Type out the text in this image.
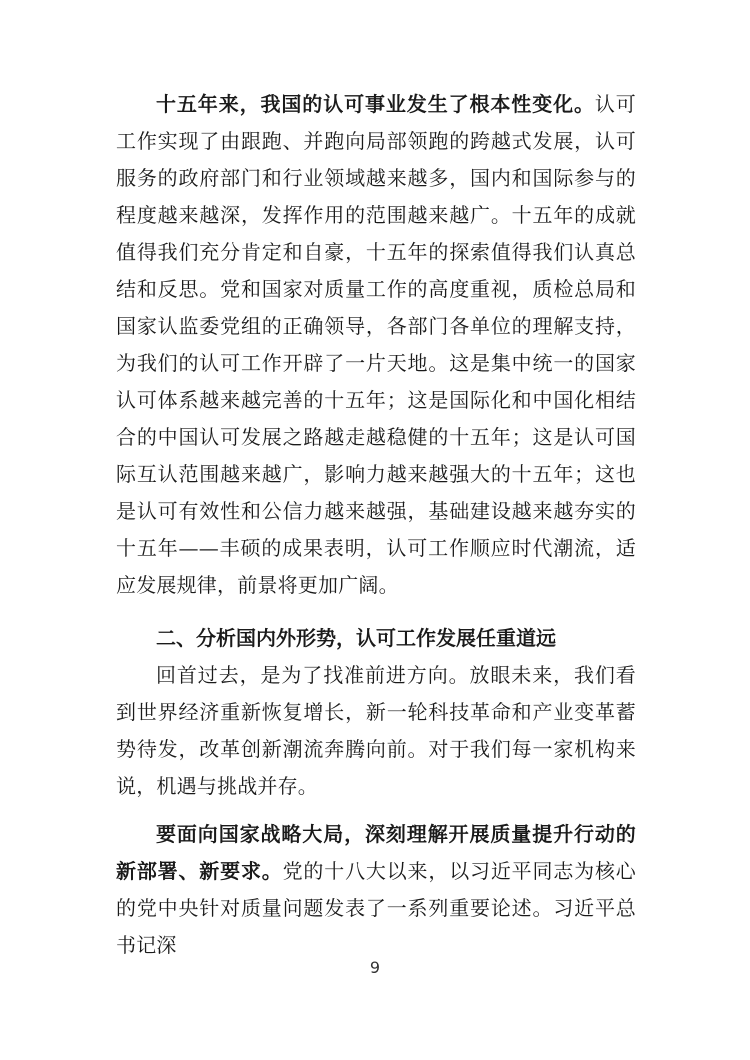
十五年来，我国的认可事业发生了根本性变化。认可工作实现了由跟跑、并跑向局部领跑的跨越式发展，认可服务的政府部门和行业领域越来越多，国内和国际参与的程度越来越深，发挥作用的范围越来越广。十五年的成就值得我们充分肯定和自豪，十五年的探索值得我们认真总结和反思。党和国家对质量工作的高度重视，质检总局和国家认监委党组的正确领导，各部门各单位的理解支持，为我们的认可工作开辟了一片天地。这是集中统一的国家认可体系越来越完善的十五年；这是国际化和中国化相结合的中国认可发展之路越走越稳健的十五年；这是认可国际互认范围越来越广，影响力越来越强大的十五年；这也是认可有效性和公信力越来越强，基础建设越来越夯实的十五年——丰硕的成果表明，认可工作顺应时代潮流，适应发展规律，前景将更加广阔。

二、分析国内外形势，认可工作发展任重道远

回首过去，是为了找准前进方向。放眼未来，我们看到世界经济重新恢复增长，新一轮科技革命和产业变革蓄势待发，改革创新潮流奔腾向前。对于我们每一家机构来说，机遇与挑战并存。

要面向国家战略大局，深刻理解开展质量提升行动的新部署、新要求。党的十八大以来，以习近平同志为核心的党中央针对质量问题发表了一系列重要论述。习近平总书记深

9
